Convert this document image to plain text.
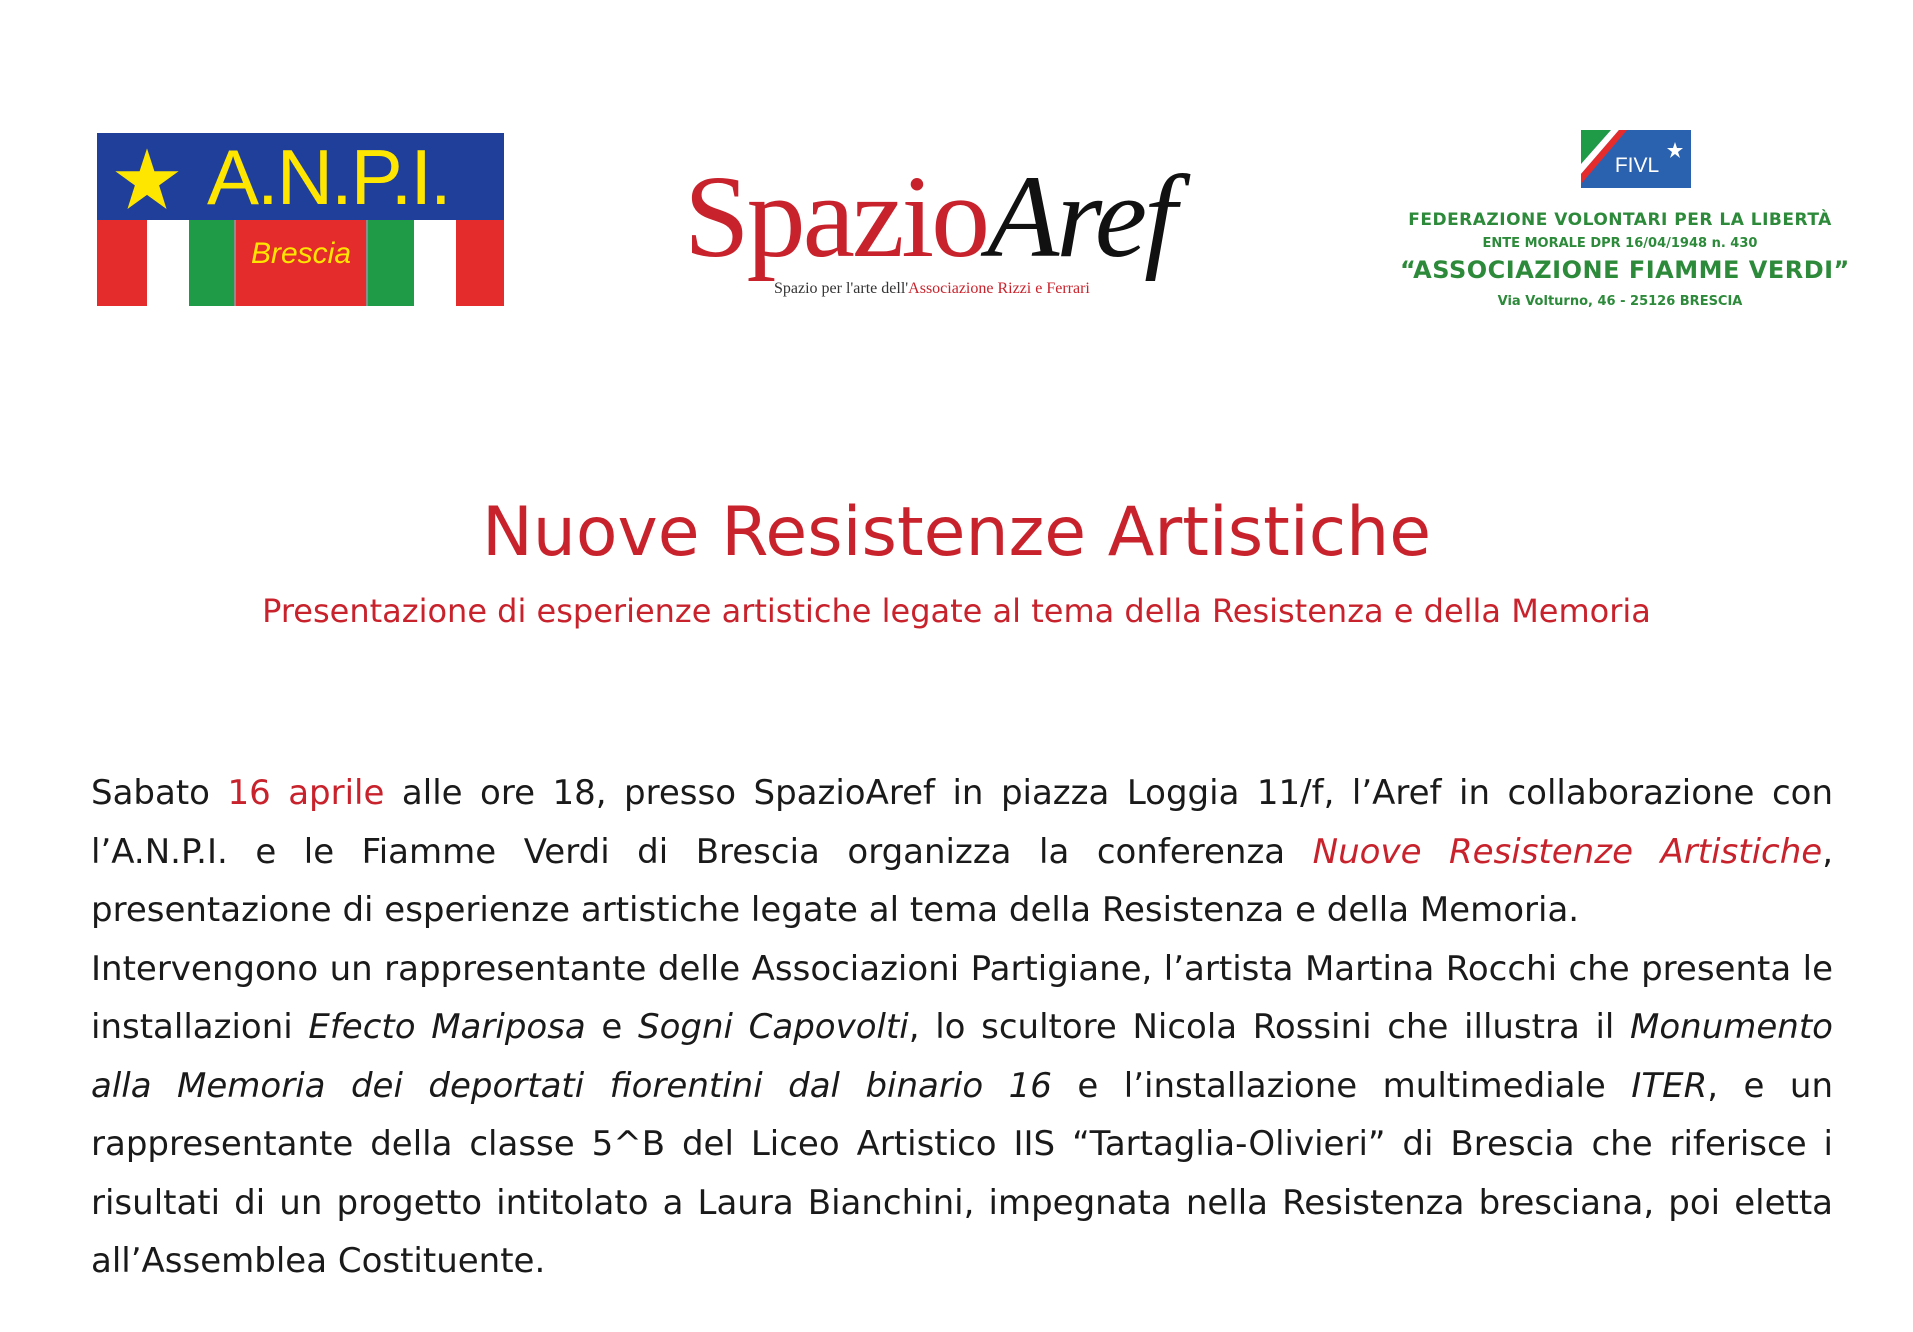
A.N.P.I.
Brescia	SpazioAref
Spazio per l'arte dell'Associazione Rizzi e Ferrari
FIVL
FEDERAZIONE VOLONTARI PER LA LIBERTÀ
ENTE MORALE DPR 16/04/1948 n. 430
“ASSOCIAZIONE FIAMME VERDI”
Via Volturno, 46 - 25126 BRESCIA
Nuove Resistenze Artistiche
Presentazione di esperienze artistiche legate al tema della Resistenza e della Memoria

Sabato 16 aprile alle ore 18, presso SpazioAref in piazza Loggia 11/f, l’Aref in collaborazione con l’A.N.P.I. e le Fiamme Verdi di Brescia organizza la conferenza Nuove Resistenze Artistiche, presentazione di esperienze artistiche legate al tema della Resistenza e della Memoria.

Intervengono un rappresentante delle Associazioni Partigiane, l’artista Martina Rocchi che presenta le installazioni Efecto Mariposa e Sogni Capovolti, lo scultore Nicola Rossini che illustra il Monumento alla Memoria dei deportati fiorentini dal binario 16 e l’installazione multimediale ITER, e un rappresentante della classe 5^B del Liceo Artistico IIS “Tartaglia-Olivieri” di Brescia che riferisce i risultati di un progetto intitolato a Laura Bianchini, impegnata nella Resistenza bresciana, poi eletta all’Assemblea Costituente.
